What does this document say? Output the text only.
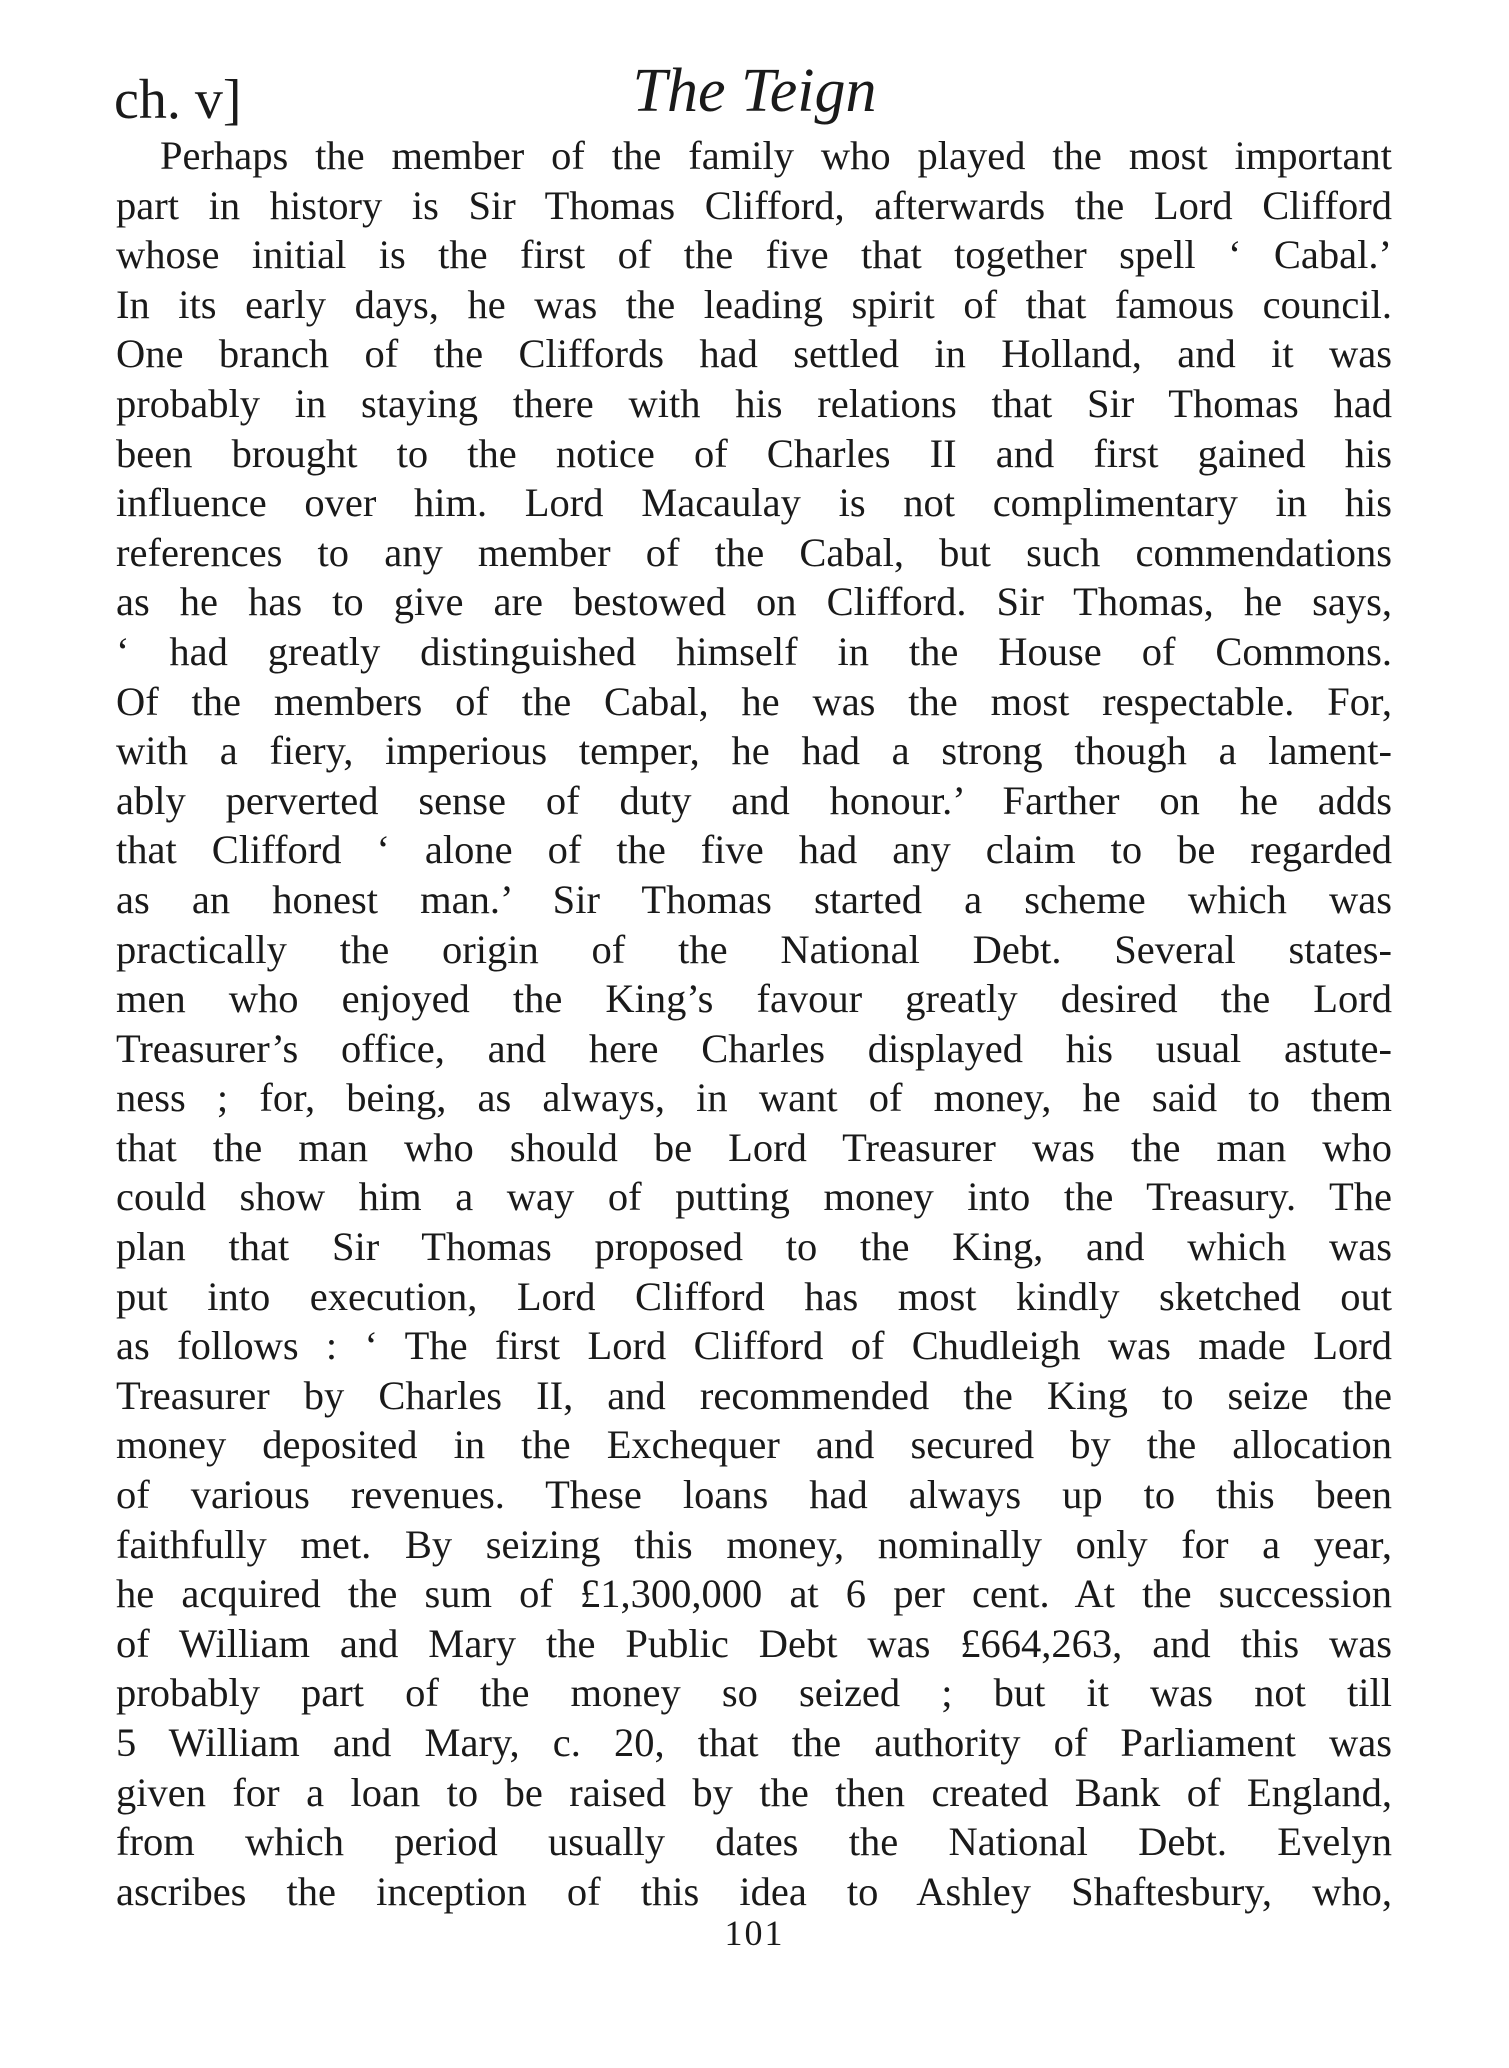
ch. v]	The Teign
Perhaps the member of the family who played the most important
part in history is Sir Thomas Clifford, afterwards the Lord Clifford
whose initial is the first of the five that together spell ‘ Cabal.’
In its early days, he was the leading spirit of that famous council.
One branch of the Cliffords had settled in Holland, and it was
probably in staying there with his relations that Sir Thomas had
been brought to the notice of Charles II and first gained his
influence over him. Lord Macaulay is not complimentary in his
references to any member of the Cabal, but such commendations
as he has to give are bestowed on Clifford. Sir Thomas, he says,
‘ had greatly distinguished himself in the House of Commons.
Of the members of the Cabal, he was the most respectable. For,
with a fiery, imperious temper, he had a strong though a lament-
ably perverted sense of duty and honour.’ Farther on he adds
that Clifford ‘ alone of the five had any claim to be regarded
as an honest man.’ Sir Thomas started a scheme which was
practically the origin of the National Debt. Several states-
men who enjoyed the King’s favour greatly desired the Lord
Treasurer’s office, and here Charles displayed his usual astute-
ness ; for, being, as always, in want of money, he said to them
that the man who should be Lord Treasurer was the man who
could show him a way of putting money into the Treasury. The
plan that Sir Thomas proposed to the King, and which was
put into execution, Lord Clifford has most kindly sketched out
as follows : ‘ The first Lord Clifford of Chudleigh was made Lord
Treasurer by Charles II, and recommended the King to seize the
money deposited in the Exchequer and secured by the allocation
of various revenues. These loans had always up to this been
faithfully met. By seizing this money, nominally only for a year,
he acquired the sum of £1,300,000 at 6 per cent. At the succession
of William and Mary the Public Debt was £664,263, and this was
probably part of the money so seized ; but it was not till
5 William and Mary, c. 20, that the authority of Parliament was
given for a loan to be raised by the then created Bank of England,
from which period usually dates the National Debt. Evelyn
ascribes the inception of this idea to Ashley Shaftesbury, who,
101
